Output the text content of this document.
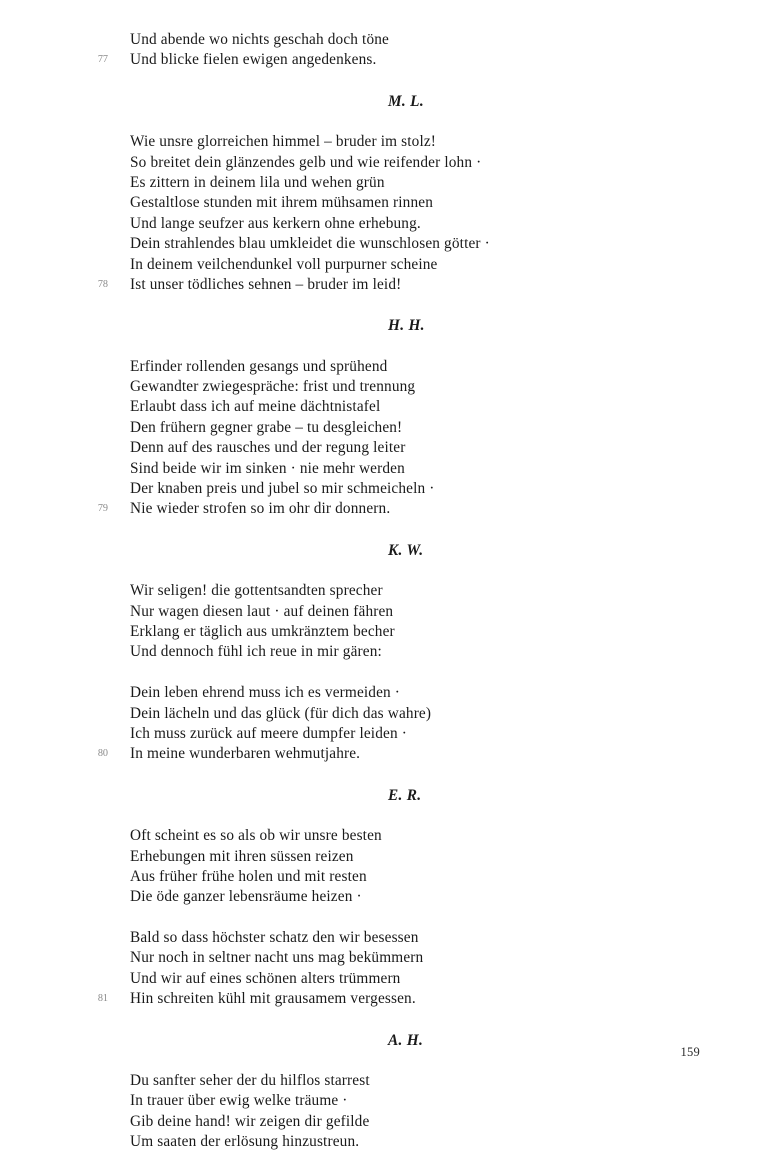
Und abende wo nichts geschah doch töne
77 Und blicke fielen ewigen angedenkens.
M. L.
Wie unsre glorreichen himmel – bruder im stolz!
So breitet dein glänzendes gelb und wie reifender lohn ·
Es zittern in deinem lila und wehen grün
Gestaltlose stunden mit ihrem mühsamen rinnen
Und lange seufzer aus kerkern ohne erhebung.
Dein strahlendes blau umkleidet die wunschlosen götter ·
In deinem veilchendunkel voll purpurner scheine
78 Ist unser tödliches sehnen – bruder im leid!
H. H.
Erfinder rollenden gesangs und sprühend
Gewandter zwiegespräche: frist und trennung
Erlaubt dass ich auf meine dächtnistafel
Den frühern gegner grabe – tu desgleichen!
Denn auf des rausches und der regung leiter
Sind beide wir im sinken · nie mehr werden
Der knaben preis und jubel so mir schmeicheln ·
79 Nie wieder strofen so im ohr dir donnern.
K. W.
Wir seligen! die gottentsandten sprecher
Nur wagen diesen laut · auf deinen fähren
Erklang er täglich aus umkränztem becher
Und dennoch fühl ich reue in mir gären:
Dein leben ehrend muss ich es vermeiden ·
Dein lächeln und das glück (für dich das wahre)
Ich muss zurück auf meere dumpfer leiden ·
80 In meine wunderbaren wehmutjahre.
E. R.
Oft scheint es so als ob wir unsre besten
Erhebungen mit ihren süssen reizen
Aus früher frühe holen und mit resten
Die öde ganzer lebensräume heizen ·
Bald so dass höchster schatz den wir besessen
Nur noch in seltner nacht uns mag bekümmern
Und wir auf eines schönen alters trümmern
81 Hin schreiten kühl mit grausamem vergessen.
A. H.
Du sanfter seher der du hilflos starrest
In trauer über ewig welke träume ·
Gib deine hand! wir zeigen dir gefilde
Um saaten der erlösung hinzustreun.
159
